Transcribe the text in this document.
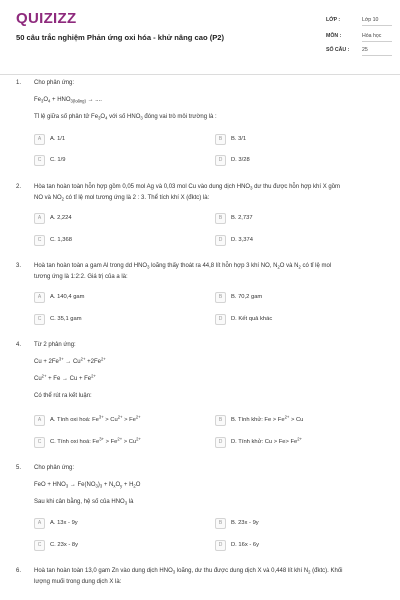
QUIZIZZ
50 câu trắc nghiệm Phản ứng oxi hóa - khử nâng cao (P2)
LỚP :	Lớp 10
MÔN :	Hóa học
SỐ CÂU :	25
1. Cho phản ứng:
$Fe_3O_4 + HNO_{3(loãng)}$ → ....
Tỉ lệ giữa số phân tử $Fe_3O_4$ với số $HNO_3$ đóng vai trò môi trường là :
A	A. 1/1	B	B. 3/1
C	C. 1/9	D	D. 3/28
2. Hòa tan hoàn toàn hỗn hợp gồm 0,05 mol Ag và 0,03 mol Cu vào dung dịch $HNO_3$ dư thu được hỗn hợp khí X gồm
NO và $NO_2$ có tỉ lệ mol tương ứng là 2 : 3. Thể tích khí X (đktc) là:
A	A. 2,224	B	B. 2,737
C	C. 1,368	D	D. 3,374
3. Hoà tan hoàn toàn a gam Al trong dd $HNO_3$ loãng thấy thoát ra 44,8 lít hỗn hợp 3 khí NO, $N_2O$ và $N_2$ có tỉ lệ mol
tương ứng là 1:2:2. Giá trị của a là:
A	A. 140,4 gam	B	B. 70,2 gam
C	C. 35,1 gam	D	D. Kết quả khác
4. Từ 2 phản ứng:
$Cu + 2Fe^{3+} \to Cu^{2+} +2Fe^{2+}$
$Cu^{2+} + Fe \to Cu + Fe^{2+}$
Có thể rút ra kết luận:
A	A. Tính oxi hoá: $Fe^{3+} > Cu^{2+} > Fe^{2+}$	B	B. Tính khử: $Fe > Fe^{2+} > Cu$
C	C. Tính oxi hoá: $Fe^{3+} > Fe^{2+} > Cu^{2+}$	D	D. Tính khử: $Cu > Fe> Fe^{2+}$
5. Cho phản ứng:
FeO + $HNO_3 \to Fe(NO_3)_3 + N_xO_y + H_2O$
Sau khi cân bằng, hệ số của $HNO_3$ là
A	A. 13x - 9y	B	B. 23x - 9y
C	C. 23x - 8y	D	D. 16x - 6y
6. Hoà tan hoàn toàn 13,0 gam Zn vào dung dịch $HNO_3$ loãng, dư thu được dung dịch X và 0,448 lít khí $N_2$ (đktc). Khối
lượng muối trong dung dịch X là:
